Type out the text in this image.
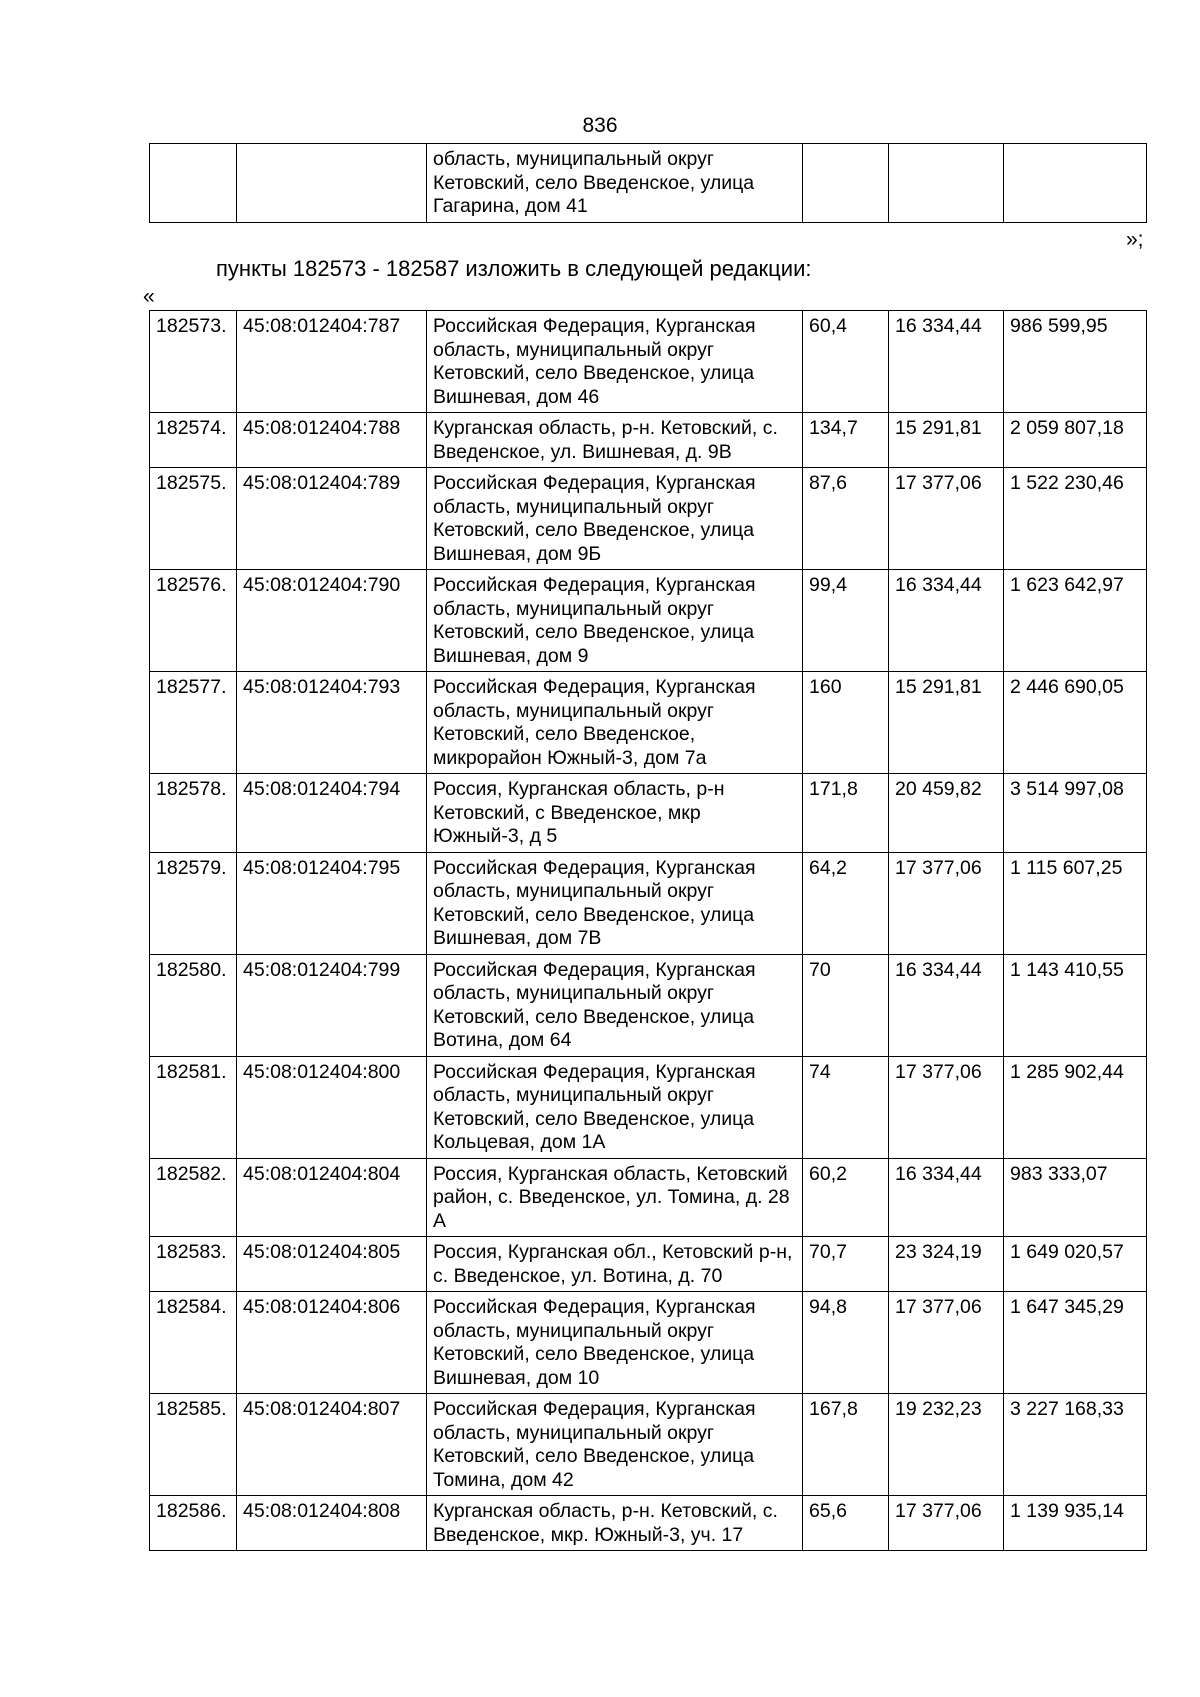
836
		область, муниципальный округ Кетовский, село Введенское, улица Гагарина, дом 41			
»;
пункты 182573 - 182587 изложить в следующей редакции:
«
182573.	45:08:012404:787	Российская Федерация, Курганская область, муниципальный округ Кетовский, село Введенское, улица Вишневая, дом 46	60,4	16 334,44	986 599,95
182574.	45:08:012404:788	Курганская область, р-н. Кетовский, с. Введенское, ул. Вишневая, д. 9В	134,7	15 291,81	2 059 807,18
182575.	45:08:012404:789	Российская Федерация, Курганская область, муниципальный округ Кетовский, село Введенское, улица Вишневая, дом 9Б	87,6	17 377,06	1 522 230,46
182576.	45:08:012404:790	Российская Федерация, Курганская область, муниципальный округ Кетовский, село Введенское, улица Вишневая, дом 9	99,4	16 334,44	1 623 642,97
182577.	45:08:012404:793	Российская Федерация, Курганская область, муниципальный округ Кетовский, село Введенское, микрорайон Южный-3, дом 7а	160	15 291,81	2 446 690,05
182578.	45:08:012404:794	Россия, Курганская область, р-н Кетовский, с Введенское, мкр Южный-3, д 5	171,8	20 459,82	3 514 997,08
182579.	45:08:012404:795	Российская Федерация, Курганская область, муниципальный округ Кетовский, село Введенское, улица Вишневая, дом 7В	64,2	17 377,06	1 115 607,25
182580.	45:08:012404:799	Российская Федерация, Курганская область, муниципальный округ Кетовский, село Введенское, улица Вотина, дом 64	70	16 334,44	1 143 410,55
182581.	45:08:012404:800	Российская Федерация, Курганская область, муниципальный округ Кетовский, село Введенское, улица Кольцевая, дом 1А	74	17 377,06	1 285 902,44
182582.	45:08:012404:804	Россия, Курганская область, Кетовский район, с. Введенское, ул. Томина, д. 28 А	60,2	16 334,44	983 333,07
182583.	45:08:012404:805	Россия, Курганская обл., Кетовский р-н, с. Введенское, ул. Вотина, д. 70	70,7	23 324,19	1 649 020,57
182584.	45:08:012404:806	Российская Федерация, Курганская область, муниципальный округ Кетовский, село Введенское, улица Вишневая, дом 10	94,8	17 377,06	1 647 345,29
182585.	45:08:012404:807	Российская Федерация, Курганская область, муниципальный округ Кетовский, село Введенское, улица Томина, дом 42	167,8	19 232,23	3 227 168,33
182586.	45:08:012404:808	Курганская область, р-н. Кетовский, с. Введенское, мкр. Южный-3, уч. 17	65,6	17 377,06	1 139 935,14
